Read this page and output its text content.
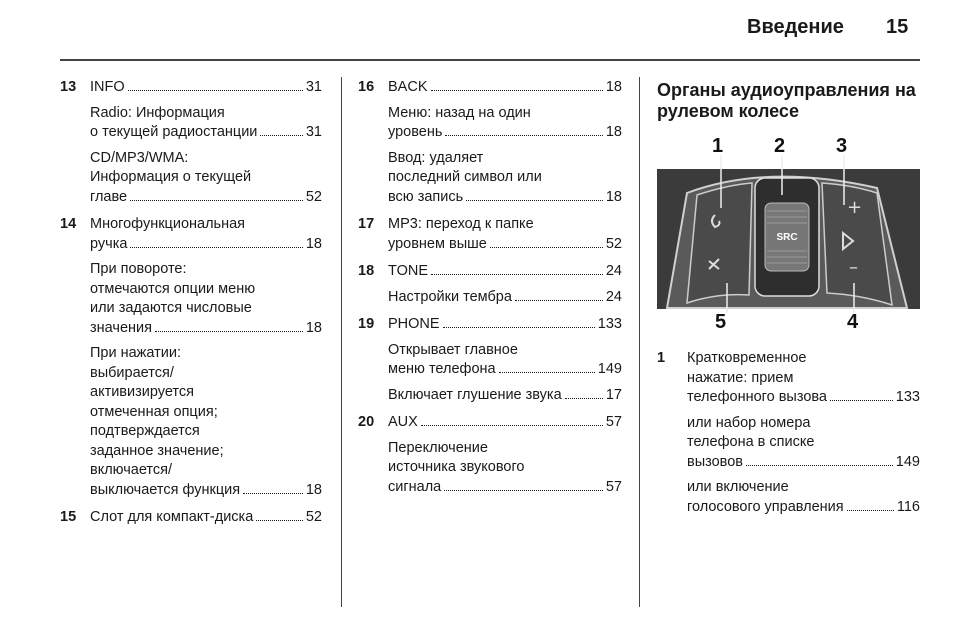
Введение 15
13 INFO	31
Radio: Информация
о текущей радиостанции	31
CD/MP3/WMA:
Информация о текущей
главе	52
14 Многофункциональная
ручка	18
При повороте:
отмечаются опции меню
или задаются числовые
значения	18
При нажатии:
выбирается/
активизируется
отмеченная опция;
подтверждается
заданное значение;
включается/
выключается функция	18
15 Слот для компакт-диска	52
16 BACK	18
Меню: назад на один
уровень	18
Ввод: удаляет
последний символ или
всю запись	18
17 MP3: переход к папке
уровнем выше	52
18 TONE	24
Настройки тембра	24
19 PHONE	133
Открывает главное
меню телефона	149
Включает глушение звука	17
20 AUX	57
Переключение
источника звукового
сигнала	57
Органы аудиоуправления на
рулевом колесе
SRC
+
–
1	2	3
4
5
1 Кратковременное
нажатие: прием
телефонного вызова	133
или набор номера
телефона в списке
вызовов	149
или включение
голосового управления	116
